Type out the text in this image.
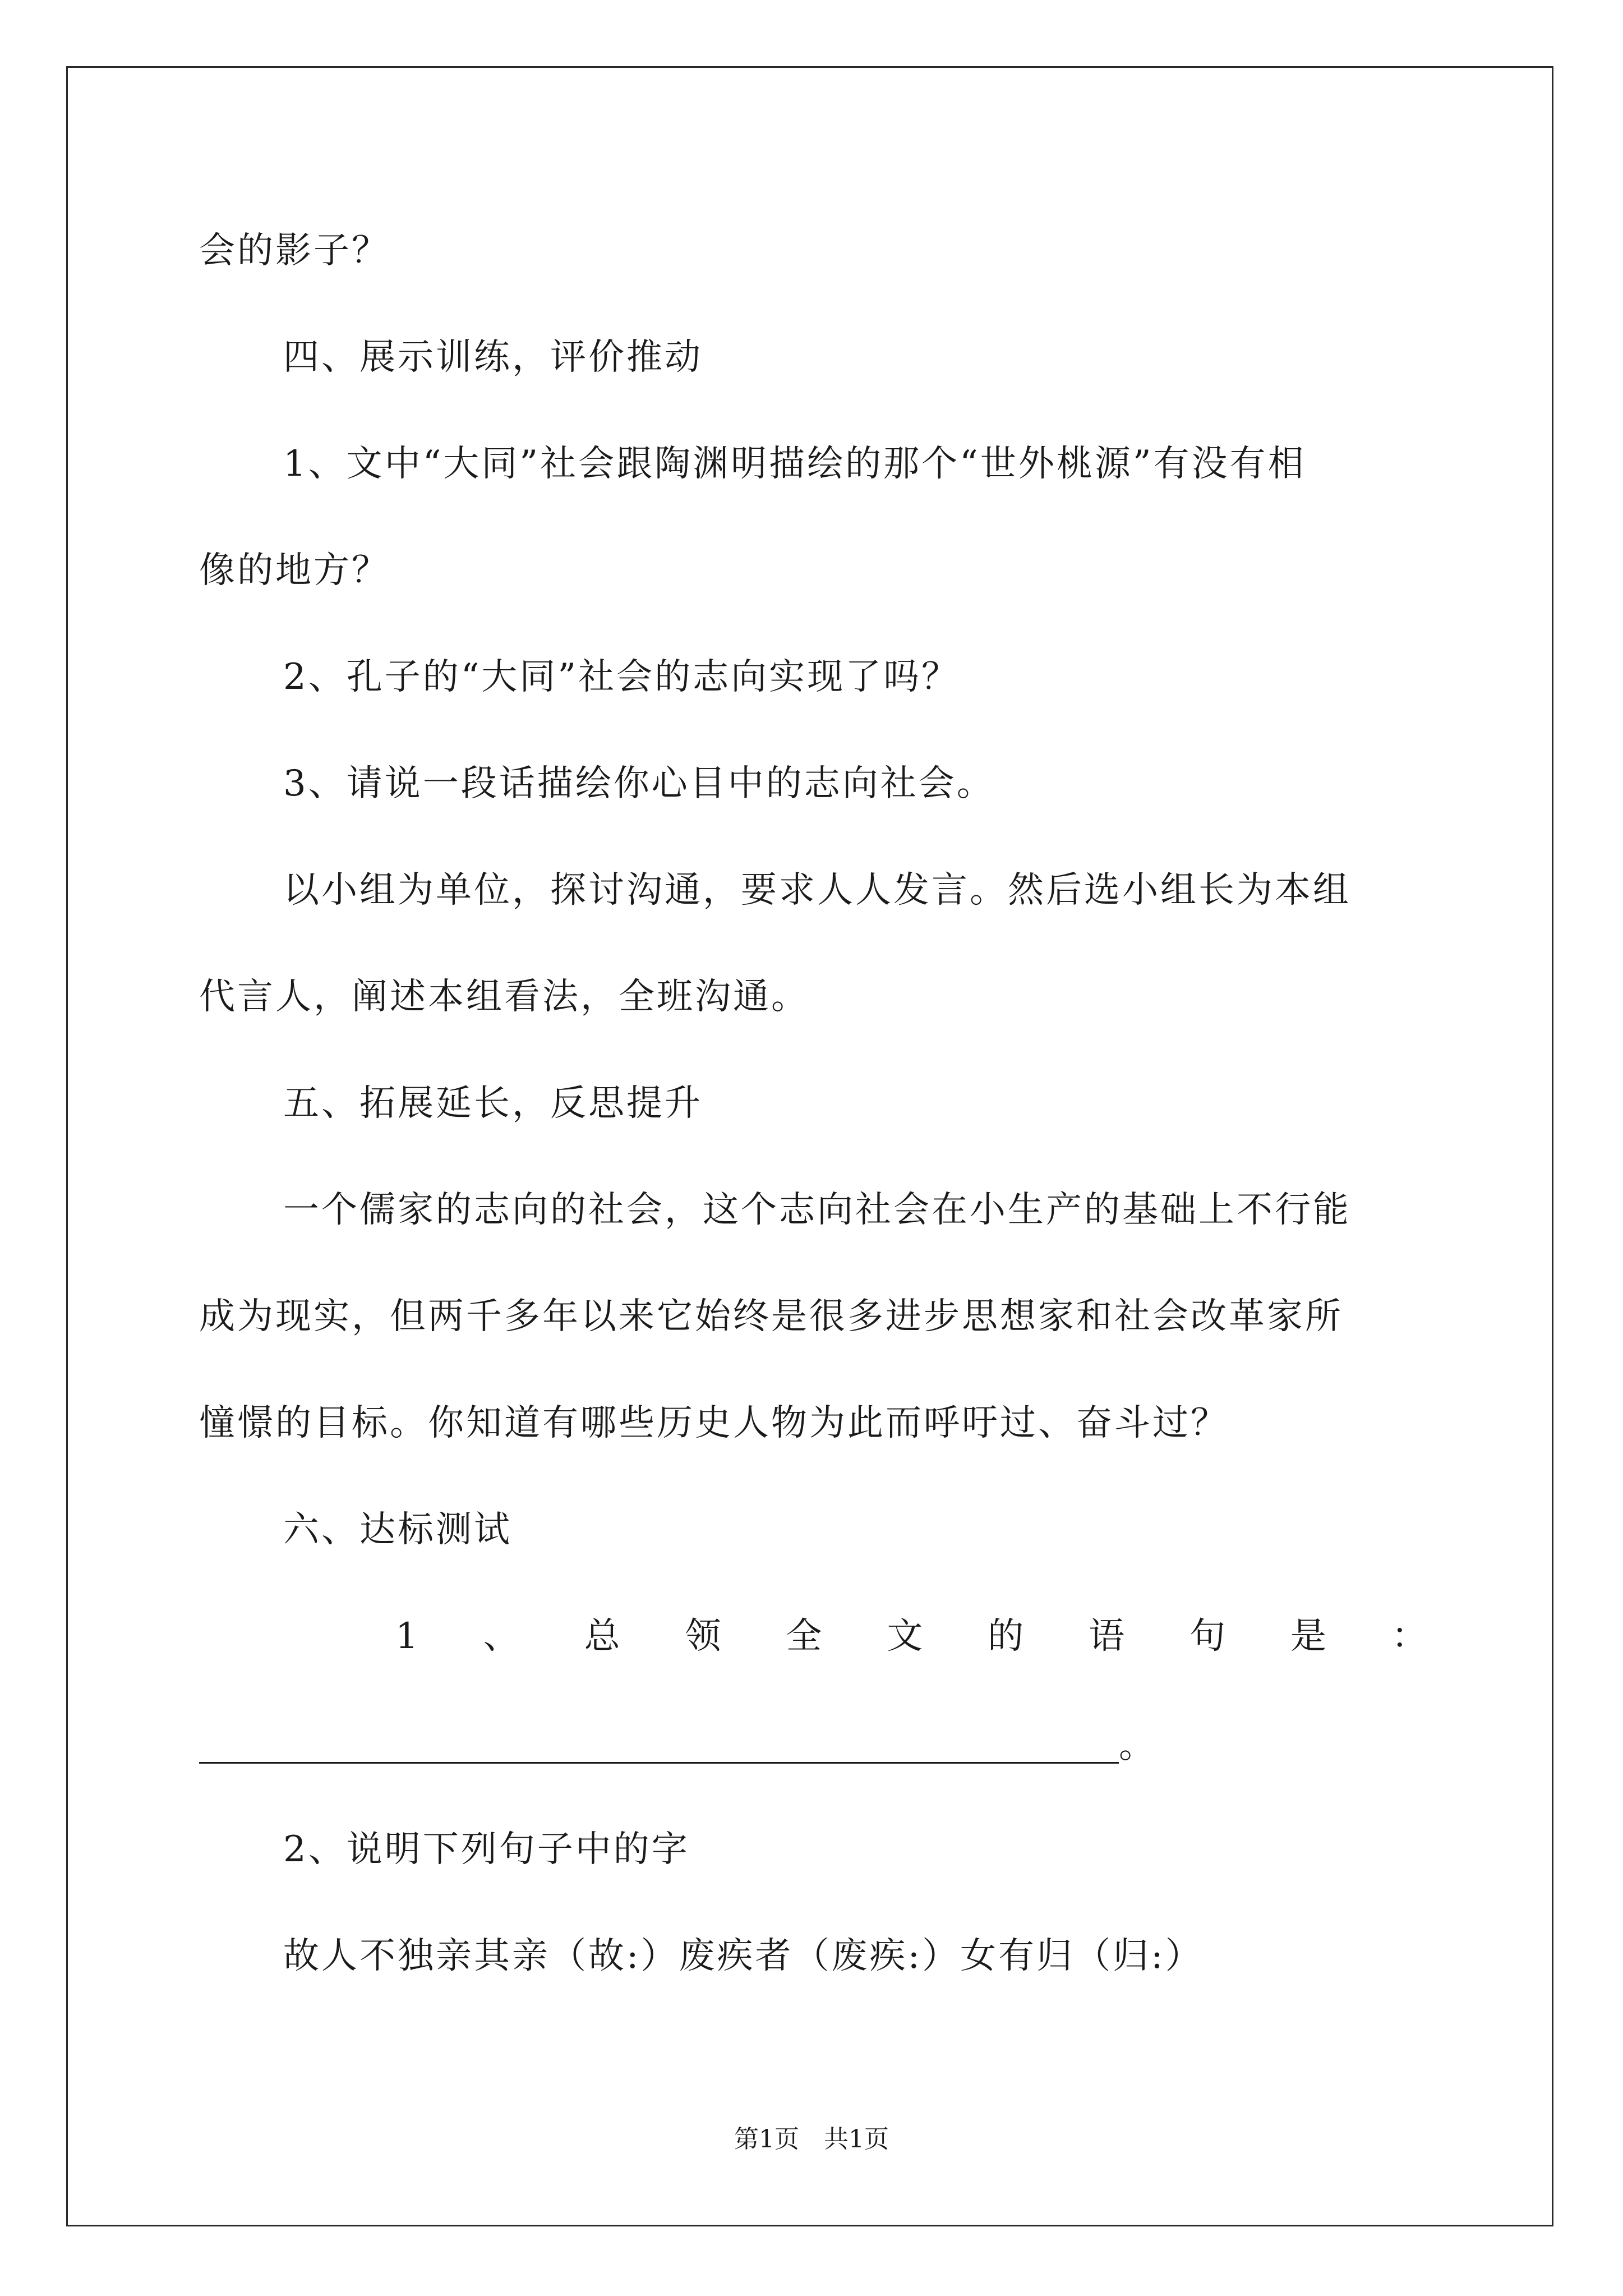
会的影子？
四、展示训练，评价推动
1、文中“大同”社会跟陶渊明描绘的那个“世外桃源”有没有相
像的地方？
2、孔子的“大同”社会的志向实现了吗？
3、请说一段话描绘你心目中的志向社会。
以小组为单位，探讨沟通，要求人人发言。然后选小组长为本组
代言人，阐述本组看法，全班沟通。
五、拓展延长，反思提升
一个儒家的志向的社会，这个志向社会在小生产的基础上不行能
成为现实，但两千多年以来它始终是很多进步思想家和社会改革家所
憧憬的目标。你知道有哪些历史人物为此而呼吁过、奋斗过？
六、达标测试
1 、 总 领 全 文 的 语 句 是 ：
。
2、说明下列句子中的字
故人不独亲其亲（故:）废疾者（废疾:）女有归（归:）
第1页　共1页
